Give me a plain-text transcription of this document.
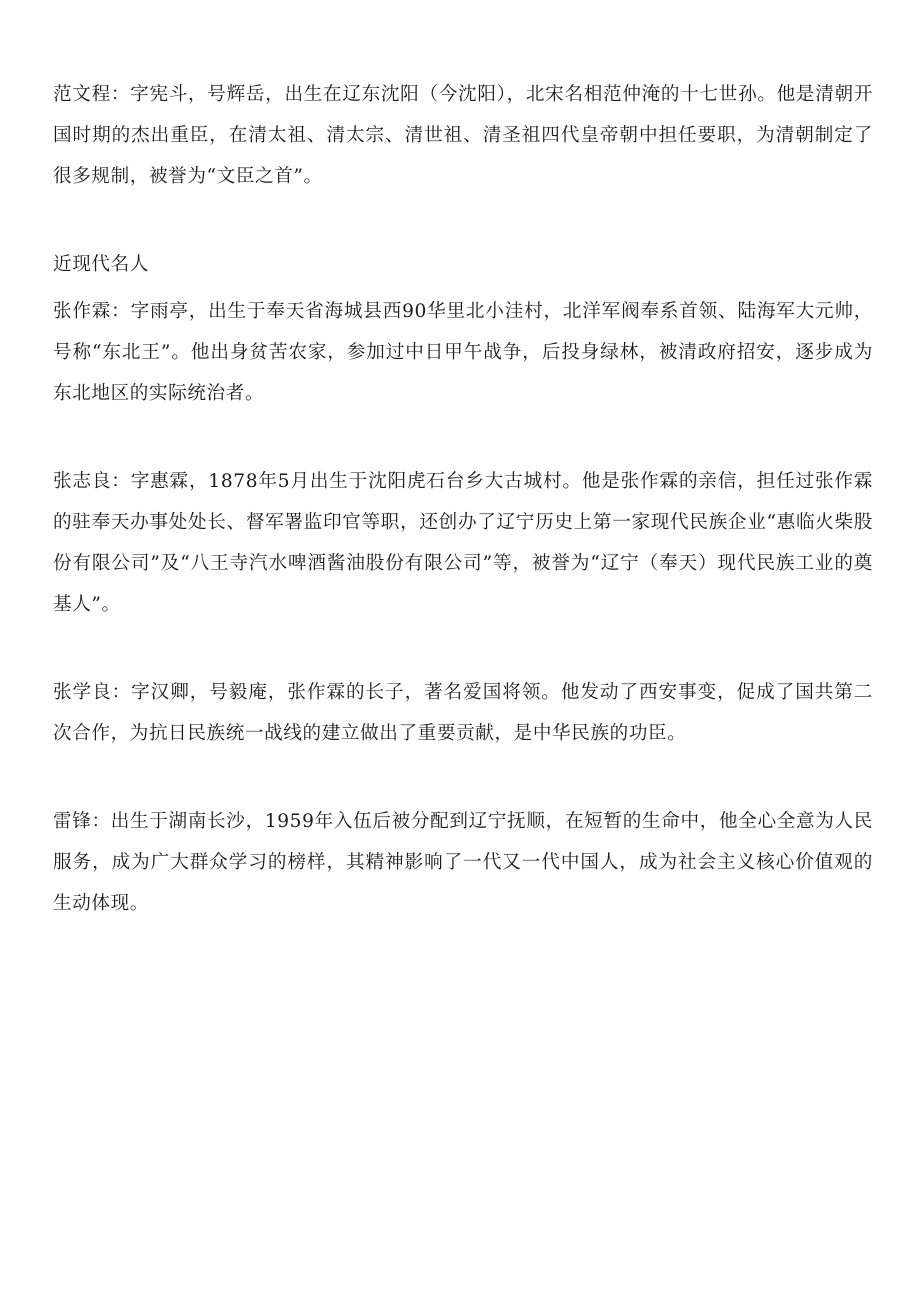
范文程：字宪斗，号辉岳，出生在辽东沈阳（今沈阳），北宋名相范仲淹的十七世孙。他是清朝开国时期的杰出重臣，在清太祖、清太宗、清世祖、清圣祖四代皇帝朝中担任要职，为清朝制定了很多规制，被誉为“文臣之首”。

近现代名人

张作霖：字雨亭，出生于奉天省海城县西90华里北小洼村，北洋军阀奉系首领、陆海军大元帅，号称“东北王”。他出身贫苦农家，参加过中日甲午战争，后投身绿林，被清政府招安，逐步成为东北地区的实际统治者。

张志良：字惠霖，1878年5月出生于沈阳虎石台乡大古城村。他是张作霖的亲信，担任过张作霖的驻奉天办事处处长、督军署监印官等职，还创办了辽宁历史上第一家现代民族企业“惠临火柴股份有限公司”及“八王寺汽水啤酒酱油股份有限公司”等，被誉为“辽宁（奉天）现代民族工业的奠基人”。

张学良：字汉卿，号毅庵，张作霖的长子，著名爱国将领。他发动了西安事变，促成了国共第二次合作，为抗日民族统一战线的建立做出了重要贡献，是中华民族的功臣。

雷锋：出生于湖南长沙，1959年入伍后被分配到辽宁抚顺，在短暂的生命中，他全心全意为人民服务，成为广大群众学习的榜样，其精神影响了一代又一代中国人，成为社会主义核心价值观的生动体现。
